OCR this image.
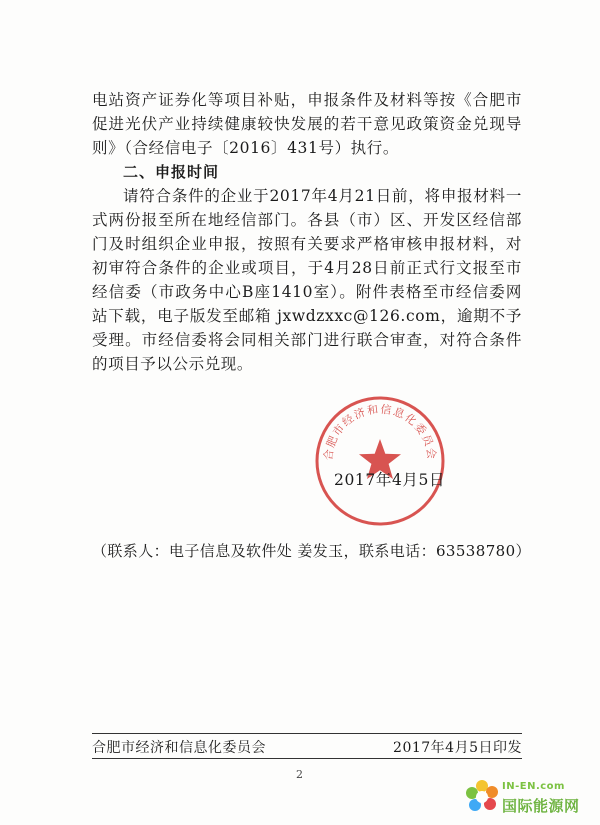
电站资产证券化等项目补贴，申报条件及材料等按《合肥市促进光伏产业持续健康较快发展的若干意见政策资金兑现导则》（合经信电子〔2016〕431号）执行。

二、申报时间

请符合条件的企业于2017年4月21日前，将申报材料一式两份报至所在地经信部门。各县（市）区、开发区经信部门及时组织企业申报，按照有关要求严格审核申报材料，对初审符合条件的企业或项目，于4月28日前正式行文报至市经信委（市政务中心B座1410室）。附件表格至市经信委网站下载，电子版发至邮箱 jxwdzxxc@126.com，逾期不予受理。市经信委将会同相关部门进行联合审查，对符合条件的项目予以公示兑现。

合肥市经济和信息化委员会
2017年4月5日
（联系人：电子信息及软件处 姜发玉，联系电话：63538780）
合肥市经济和信息化委员会	2017年4月5日印发
2
IN-EN.com
国际能源网
